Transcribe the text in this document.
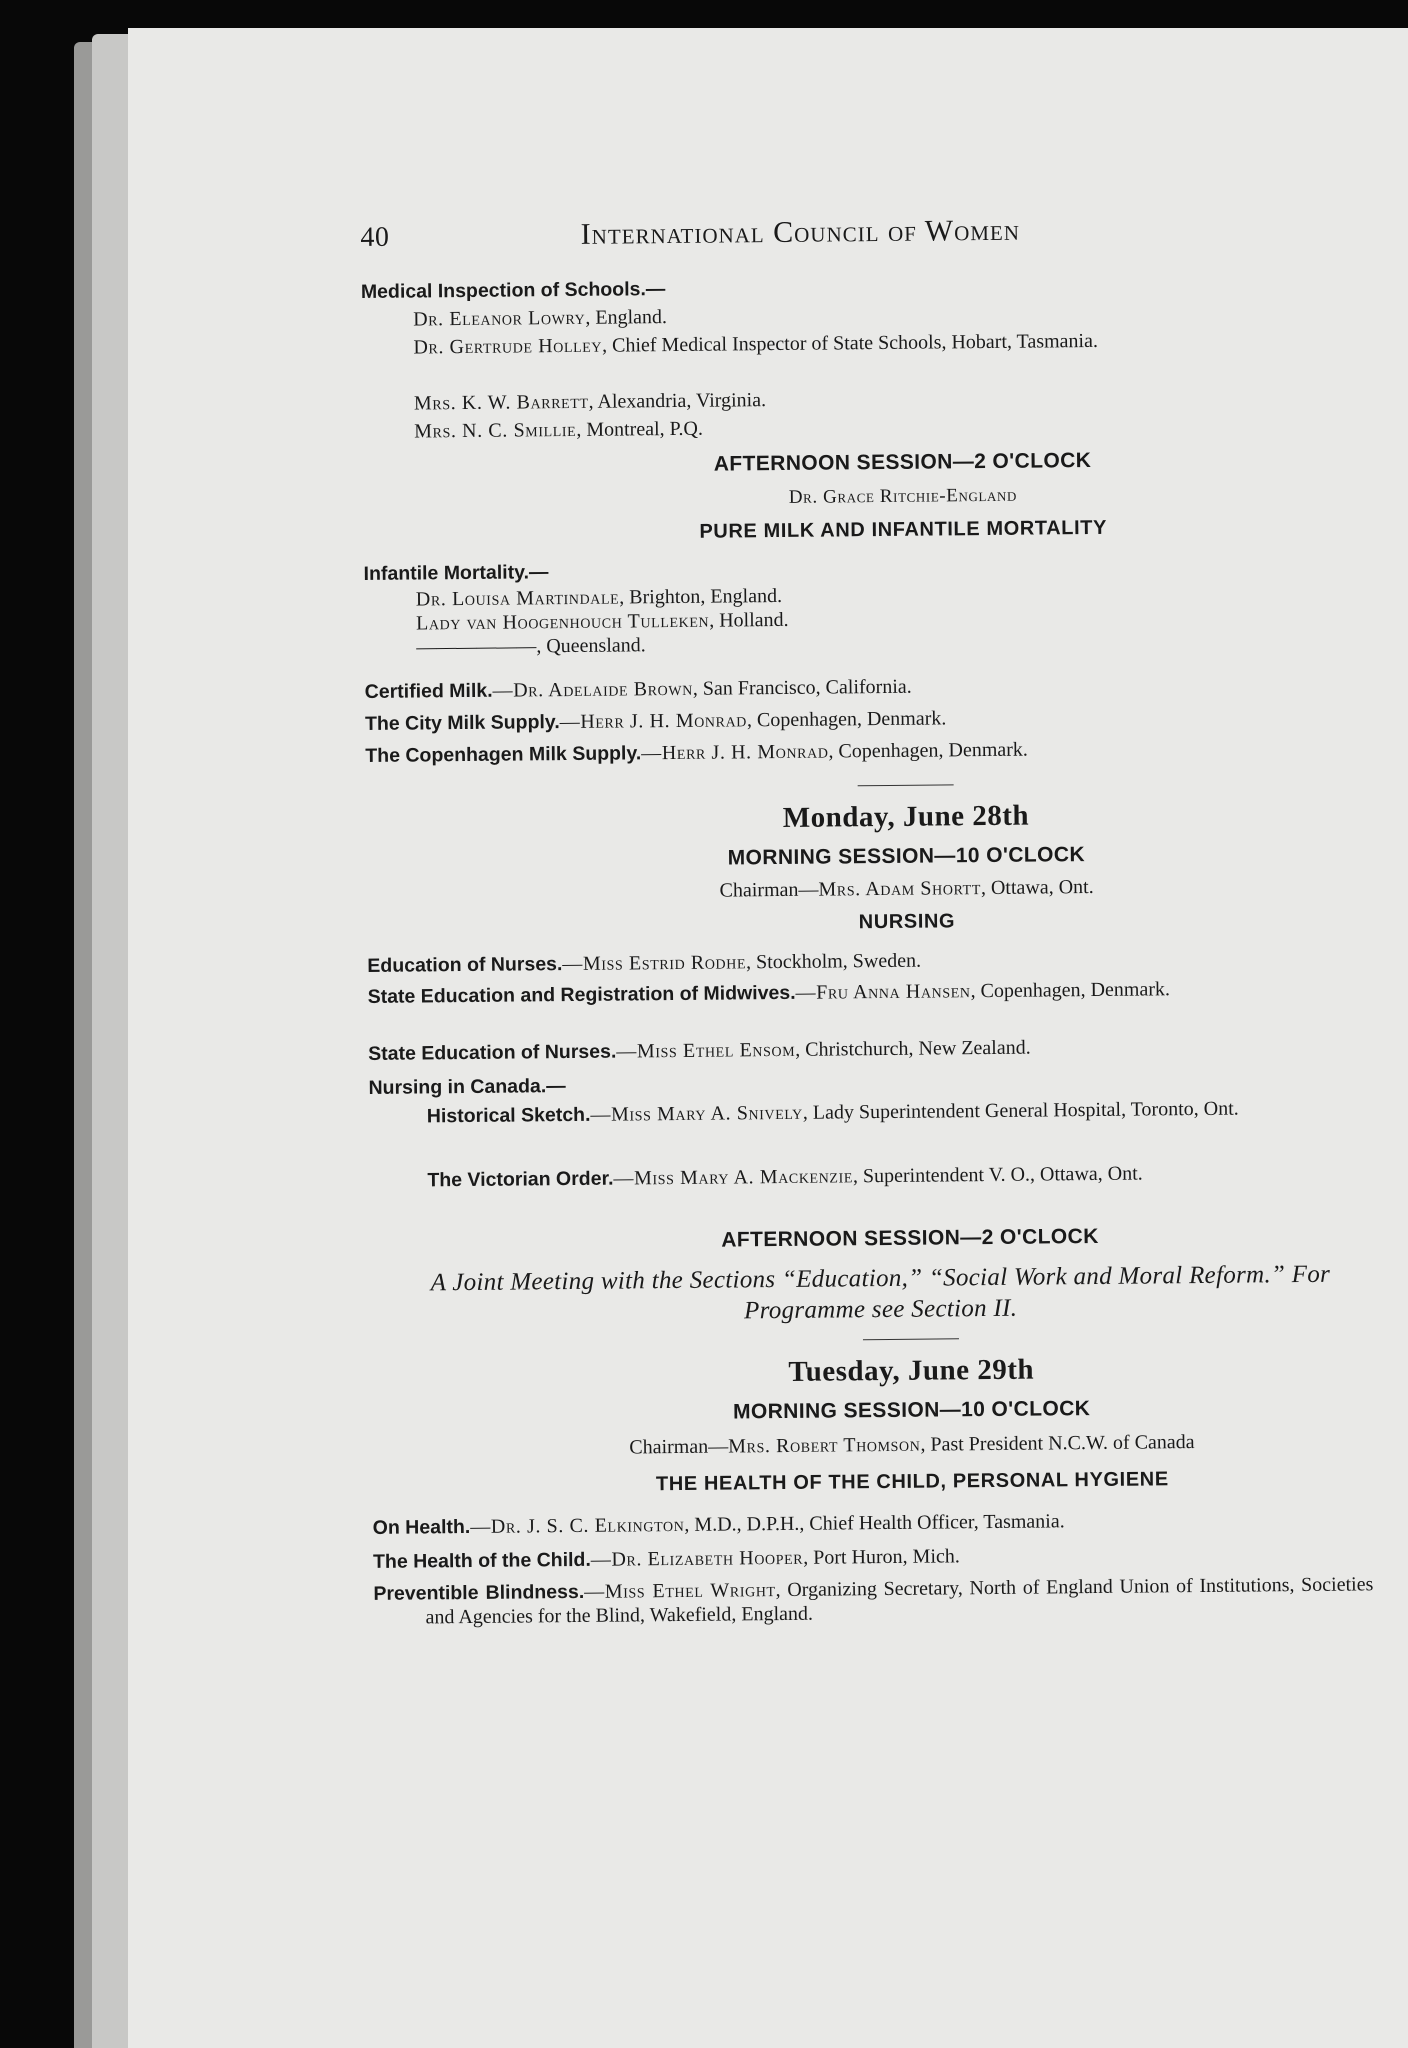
40	International Council of Women
Medical Inspection of Schools.—
Dr. Eleanor Lowry, England.
Dr. Gertrude Holley, Chief Medical Inspector of State Schools, Hobart, Tasmania.
Mrs. K. W. Barrett, Alexandria, Virginia.
Mrs. N. C. Smillie, Montreal, P.Q.
AFTERNOON SESSION—2 O'CLOCK
Dr. Grace Ritchie-England
PURE MILK AND INFANTILE MORTALITY
Infantile Mortality.—
Dr. Louisa Martindale, Brighton, England.
Lady van Hoogenhouch Tulleken, Holland.
——————, Queensland.
Certified Milk.—Dr. Adelaide Brown, San Francisco, California.
The City Milk Supply.—Herr J. H. Monrad, Copenhagen, Denmark.
The Copenhagen Milk Supply.—Herr J. H. Monrad, Copenhagen, Denmark.
Monday, June 28th
MORNING SESSION—10 O'CLOCK
Chairman—Mrs. Adam Shortt, Ottawa, Ont.
NURSING
Education of Nurses.—Miss Estrid Rodhe, Stockholm, Sweden.
State Education and Registration of Midwives.—Fru Anna Hansen, Copenhagen, Denmark.
State Education of Nurses.—Miss Ethel Ensom, Christchurch, New Zealand.
Nursing in Canada.—
Historical Sketch.—Miss Mary A. Snively, Lady Superintendent General Hospital, Toronto, Ont.
The Victorian Order.—Miss Mary A. Mackenzie, Superintendent V. O., Ottawa, Ont.
AFTERNOON SESSION—2 O'CLOCK
A Joint Meeting with the Sections “Education,” “Social Work and Moral Reform.” For Programme see Section II.
Tuesday, June 29th
MORNING SESSION—10 O'CLOCK
Chairman—Mrs. Robert Thomson, Past President N.C.W. of Canada
THE HEALTH OF THE CHILD, PERSONAL HYGIENE
On Health.—Dr. J. S. C. Elkington, M.D., D.P.H., Chief Health Officer, Tasmania.
The Health of the Child.—Dr. Elizabeth Hooper, Port Huron, Mich.
Preventible Blindness.—Miss Ethel Wright, Organizing Secretary, North of England Union of Institutions, Societies and Agencies for the Blind, Wakefield, England.
